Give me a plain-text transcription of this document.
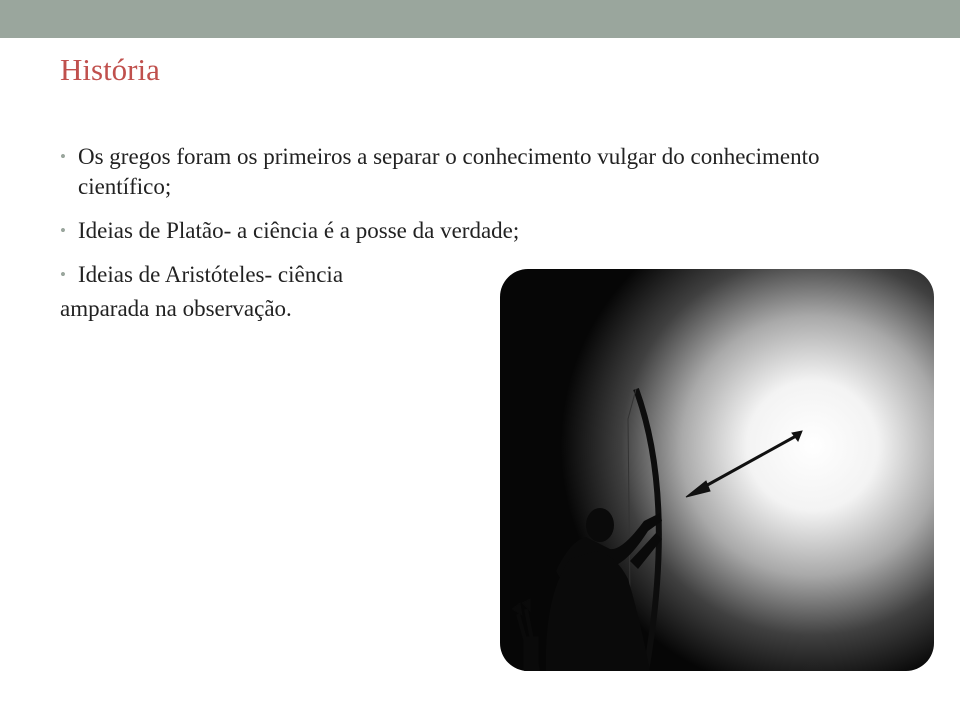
História
• Os gregos foram os primeiros a separar o conhecimento vulgar do conhecimento científico;
• Ideias de Platão- a ciência é a posse da verdade;
• Ideias de Aristóteles- ciência

amparada na observação.
